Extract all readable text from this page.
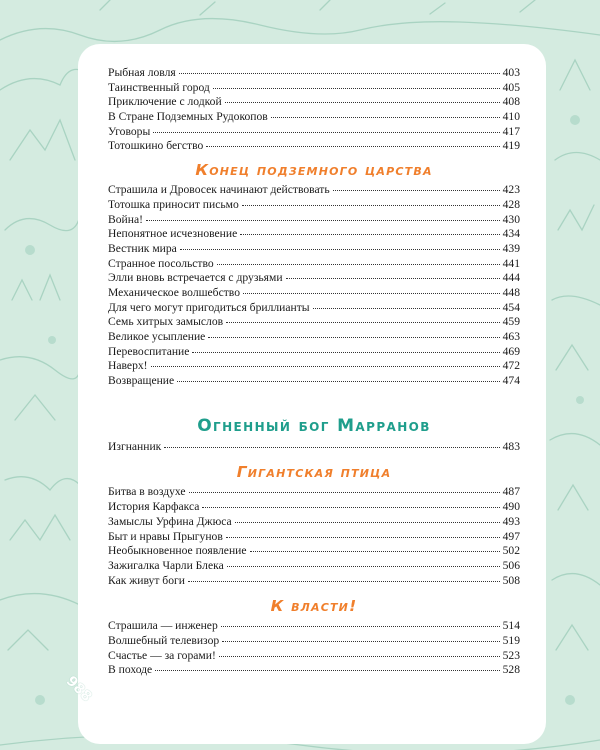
Рыбная ловля	403
Таинственный город	405
Приключение с лодкой	408
В Стране Подземных Рудокопов	410
Уговоры	417
Тотошкино бегство	419
Конец подземного царства
Страшила и Дровосек начинают действовать	423
Тотошка приносит письмо	428
Война!	430
Непонятное исчезновение	434
Вестник мира	439
Странное посольство	441
Элли вновь встречается с друзьями	444
Механическое волшебство	448
Для чего могут пригодиться бриллианты	454
Семь хитрых замыслов	459
Великое усыпление	463
Перевоспитание	469
Наверх!	472
Возвращение	474
Огненный бог Марранов
Изгнанник	483
Гигантская птица
Битва в воздухе	487
История Карфакса	490
Замыслы Урфина Джюса	493
Быт и нравы Прыгунов	497
Необыкновенное появление	502
Зажигалка Чарли Блека	506
Как живут боги	508
К власти!
Страшила — инженер	514
Волшебный телевизор	519
Счастье — за горами!	523
В походе	528
988
